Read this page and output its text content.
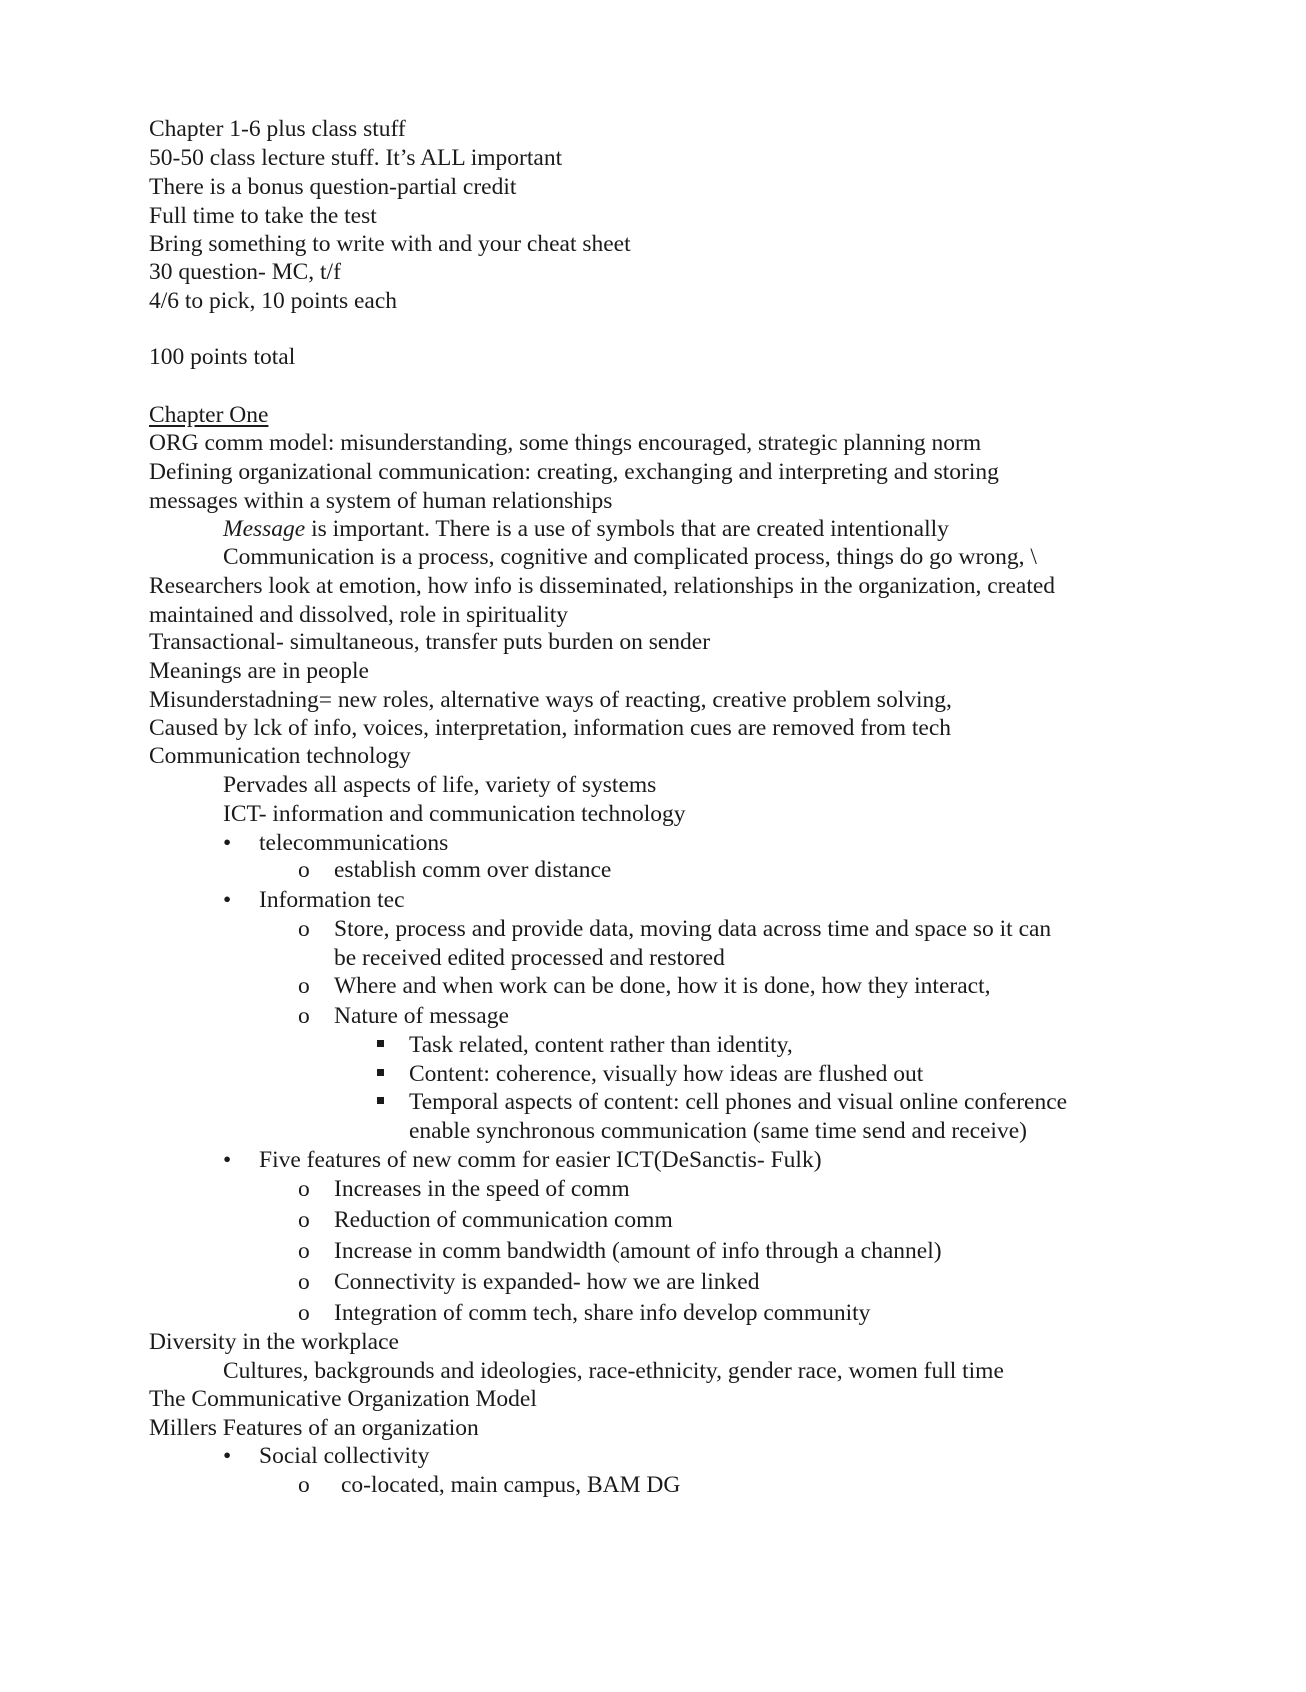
Chapter 1-6 plus class stuff
50-50 class lecture stuff. It’s ALL important
There is a bonus question-partial credit
Full time to take the test
Bring something to write with and your cheat sheet
30 question- MC, t/f
4/6 to pick, 10 points each
100 points total
Chapter One
ORG comm model: misunderstanding, some things encouraged, strategic planning norm
Defining organizational communication: creating, exchanging and interpreting and storing
messages within a system of human relationships
Message is important. There is a use of symbols that are created intentionally
Communication is a process, cognitive and complicated process, things do go wrong, \
Researchers look at emotion, how info is disseminated, relationships in the organization, created
maintained and dissolved, role in spirituality
Transactional- simultaneous, transfer puts burden on sender
Meanings are in people
Misunderstadning= new roles, alternative ways of reacting, creative problem solving,
Caused by lck of info, voices, interpretation, information cues are removed from tech
Communication technology
Pervades all aspects of life, variety of systems
ICT- information and communication technology
• telecommunications
o establish comm over distance
• Information tec
o Store, process and provide data, moving data across time and space so it can
be received edited processed and restored
o Where and when work can be done, how it is done, how they interact,
o Nature of message
Task related, content rather than identity,
Content: coherence, visually how ideas are flushed out
Temporal aspects of content: cell phones and visual online conference
enable synchronous communication (same time send and receive)
• Five features of new comm for easier ICT(DeSanctis- Fulk)
o Increases in the speed of comm
o Reduction of communication comm
o Increase in comm bandwidth (amount of info through a channel)
o Connectivity is expanded- how we are linked
o Integration of comm tech, share info develop community
Diversity in the workplace
Cultures, backgrounds and ideologies, race-ethnicity, gender race, women full time
The Communicative Organization Model
Millers Features of an organization
• Social collectivity
o co-located, main campus, BAM DG
